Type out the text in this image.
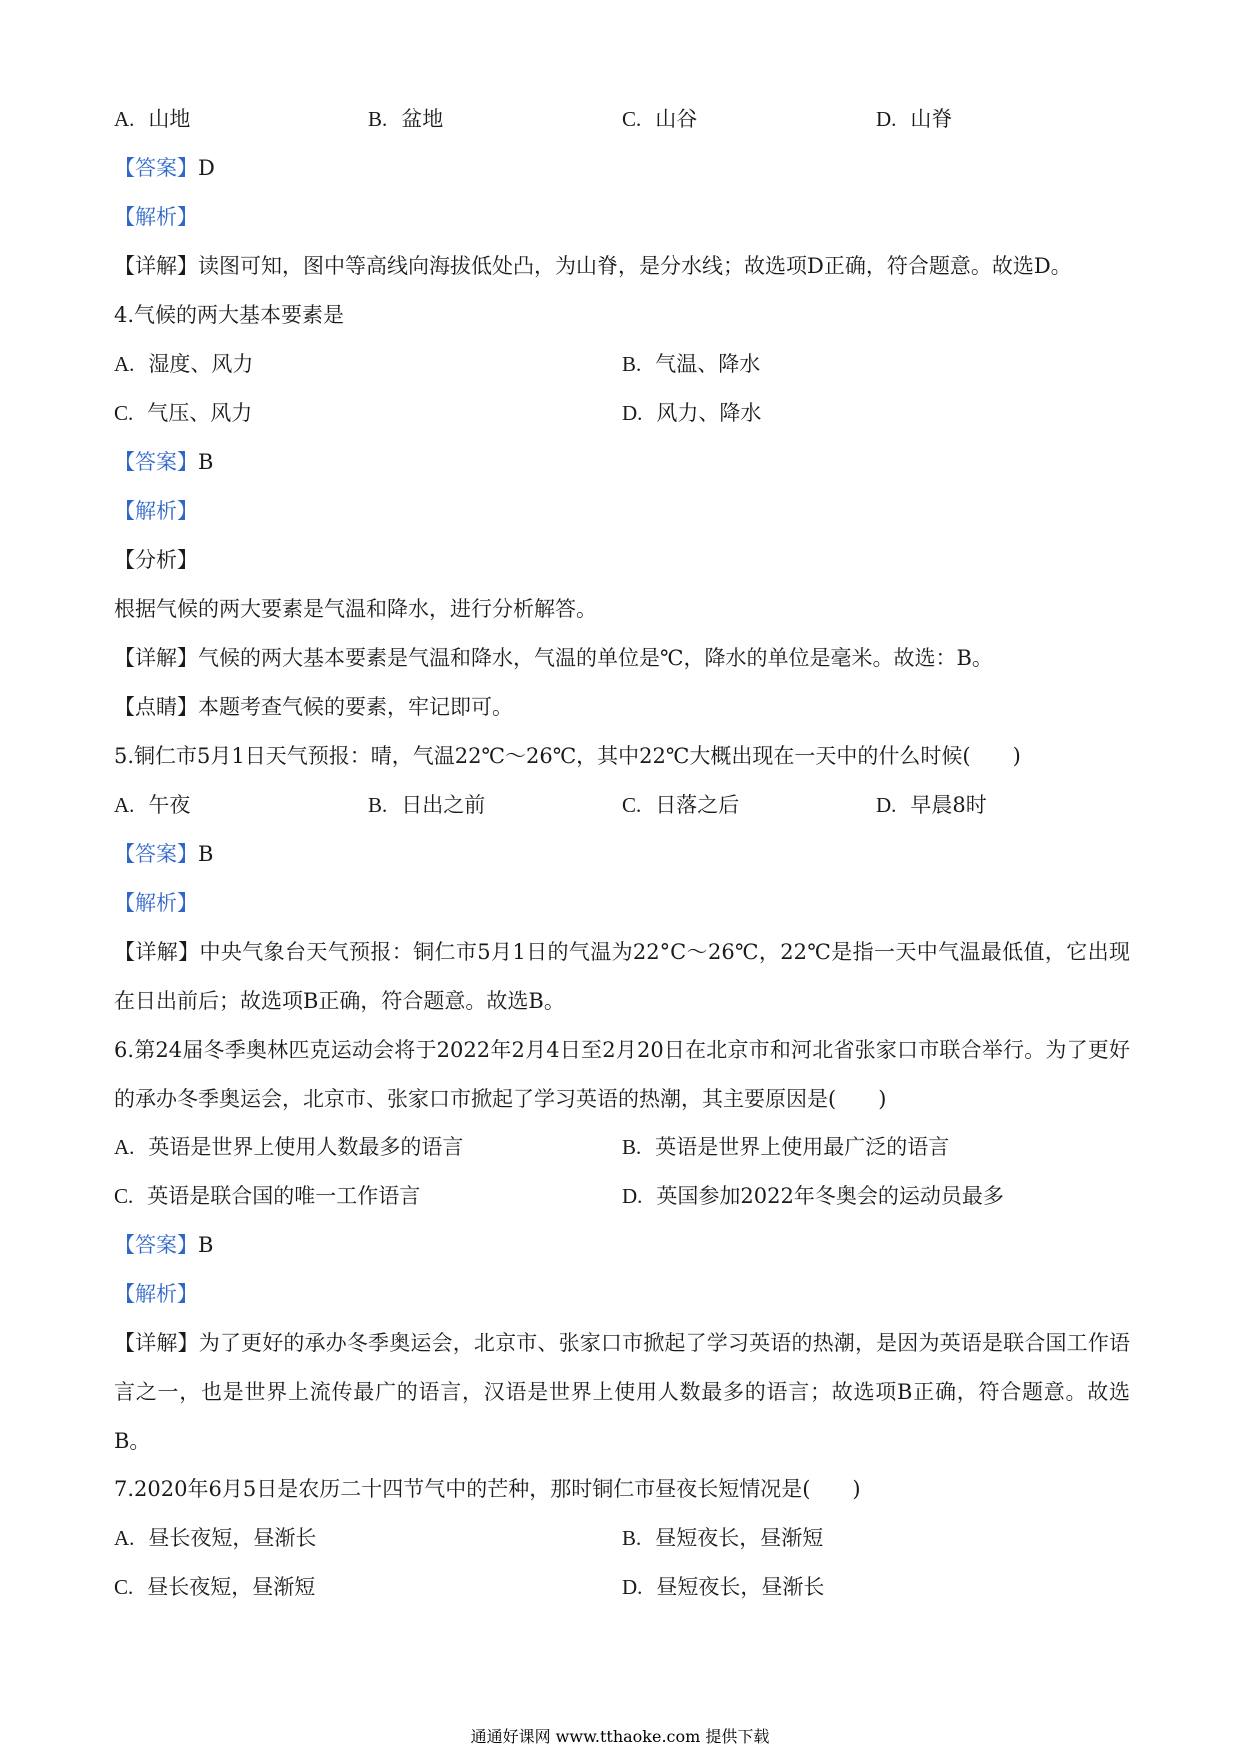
A. 山地	B. 盆地	C. 山谷	D. 山脊
【答案】D
【解析】
【详解】读图可知，图中等高线向海拔低处凸，为山脊，是分水线；故选项D正确，符合题意。故选D。
4.气候的两大基本要素是
A. 湿度、风力	B. 气温、降水
C. 气压、风力	D. 风力、降水
【答案】B
【解析】
【分析】
根据气候的两大要素是气温和降水，进行分析解答。
【详解】气候的两大基本要素是气温和降水，气温的单位是℃，降水的单位是毫米。故选：B。
【点睛】本题考查气候的要素，牢记即可。
5.铜仁市5月1日天气预报：晴，气温22℃～26℃，其中22℃大概出现在一天中的什么时候(　　)
A. 午夜	B. 日出之前	C. 日落之后	D. 早晨8时
【答案】B
【解析】
【详解】中央气象台天气预报：铜仁市5月1日的气温为22°C～26℃，22℃是指一天中气温最低值，它出现在日出前后；故选项B正确，符合题意。故选B。
6.第24届冬季奥林匹克运动会将于2022年2月4日至2月20日在北京市和河北省张家口市联合举行。为了更好的承办冬季奥运会，北京市、张家口市掀起了学习英语的热潮，其主要原因是(　　)
A. 英语是世界上使用人数最多的语言	B. 英语是世界上使用最广泛的语言
C. 英语是联合国的唯一工作语言	D. 英国参加2022年冬奥会的运动员最多
【答案】B
【解析】
【详解】为了更好的承办冬季奥运会，北京市、张家口市掀起了学习英语的热潮，是因为英语是联合国工作语言之一，也是世界上流传最广的语言，汉语是世界上使用人数最多的语言；故选项B正确，符合题意。故选B。
7.2020年6月5日是农历二十四节气中的芒种，那时铜仁市昼夜长短情况是(　　)
A. 昼长夜短，昼渐长	B. 昼短夜长，昼渐短
C. 昼长夜短，昼渐短	D. 昼短夜长，昼渐长
通通好课网 www.tthaoke.com 提供下载
